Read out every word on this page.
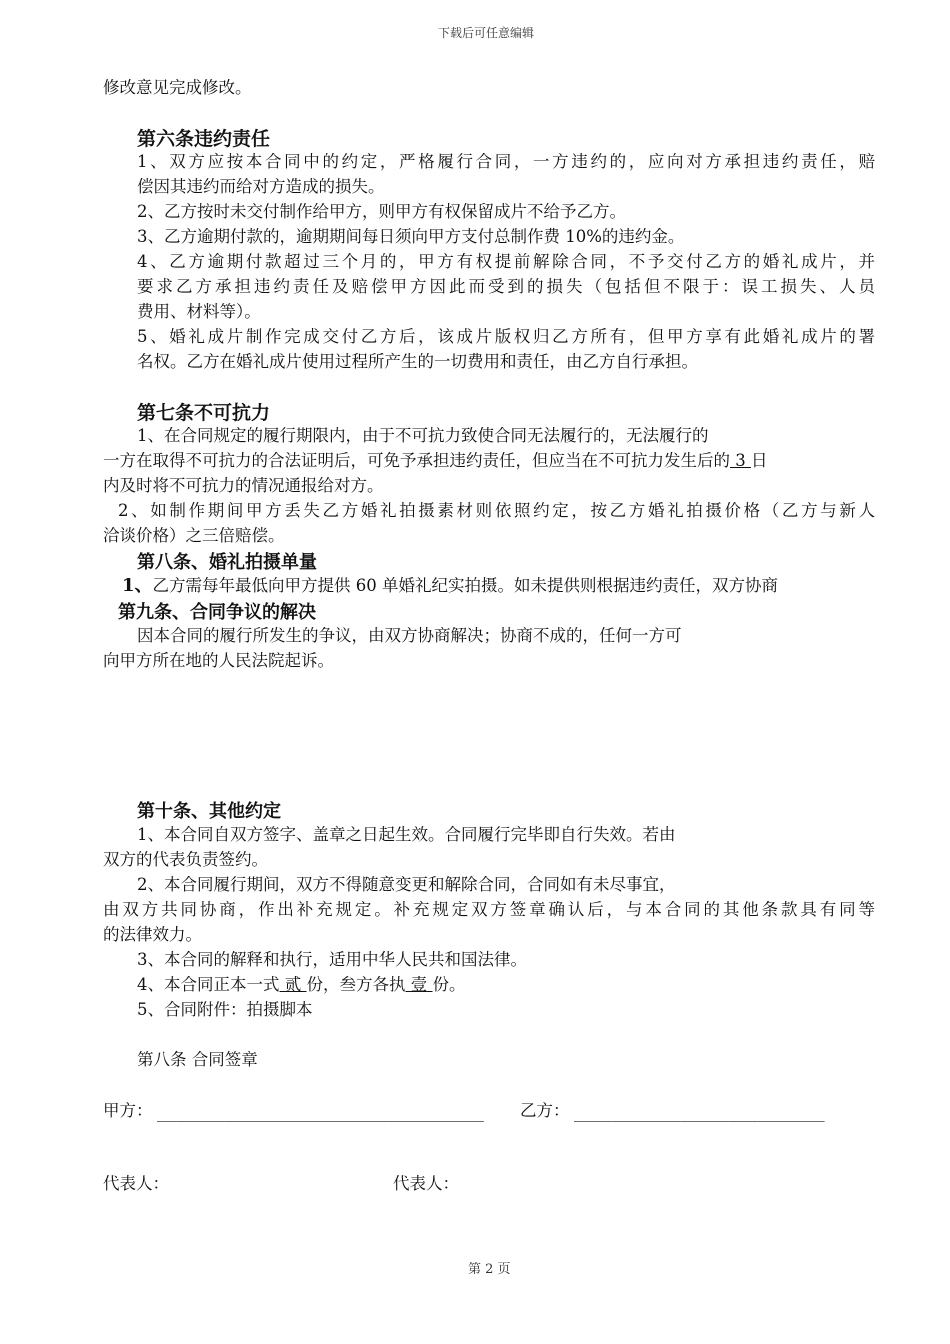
下载后可任意编辑
修改意见完成修改。
第六条违约责任
1、双方应按本合同中的约定，严格履行合同，一方违约的，应向对方承担违约责任，赔
偿因其违约而给对方造成的损失。
2、乙方按时未交付制作给甲方，则甲方有权保留成片不给予乙方。
3、乙方逾期付款的，逾期期间每日须向甲方支付总制作费 10%的违约金。
4、乙方逾期付款超过三个月的，甲方有权提前解除合同，不予交付乙方的婚礼成片，并
要求乙方承担违约责任及赔偿甲方因此而受到的损失（包括但不限于：误工损失、人员
费用、材料等）。
5、婚礼成片制作完成交付乙方后，该成片版权归乙方所有，但甲方享有此婚礼成片的署
名权。乙方在婚礼成片使用过程所产生的一切费用和责任，由乙方自行承担。
第七条不可抗力
1、在合同规定的履行期限内，由于不可抗力致使合同无法履行的，无法履行的
一方在取得不可抗力的合法证明后，可免予承担违约责任，但应当在不可抗力发生后的 3 日
内及时将不可抗力的情况通报给对方。
2、如制作期间甲方丢失乙方婚礼拍摄素材则依照约定，按乙方婚礼拍摄价格（乙方与新人
洽谈价格）之三倍赔偿。
第八条、婚礼拍摄单量
1、乙方需每年最低向甲方提供 60 单婚礼纪实拍摄。如未提供则根据违约责任，双方协商
第九条、合同争议的解决
因本合同的履行所发生的争议，由双方协商解决；协商不成的，任何一方可
向甲方所在地的人民法院起诉。
第十条、其他约定
1、本合同自双方签字、盖章之日起生效。合同履行完毕即自行失效。若由
双方的代表负责签约。
2、本合同履行期间，双方不得随意变更和解除合同，合同如有未尽事宜，
由双方共同协商，作出补充规定。补充规定双方签章确认后，与本合同的其他条款具有同等
的法律效力。
3、本合同的解释和执行，适用中华人民共和国法律。
4、本合同正本一式 贰 份，叁方各执 壹 份。
5、合同附件：拍摄脚本
第八条 合同签章
甲方： __________________________________ 乙方： __________________________
代表人：	代表人：
第 2 页
